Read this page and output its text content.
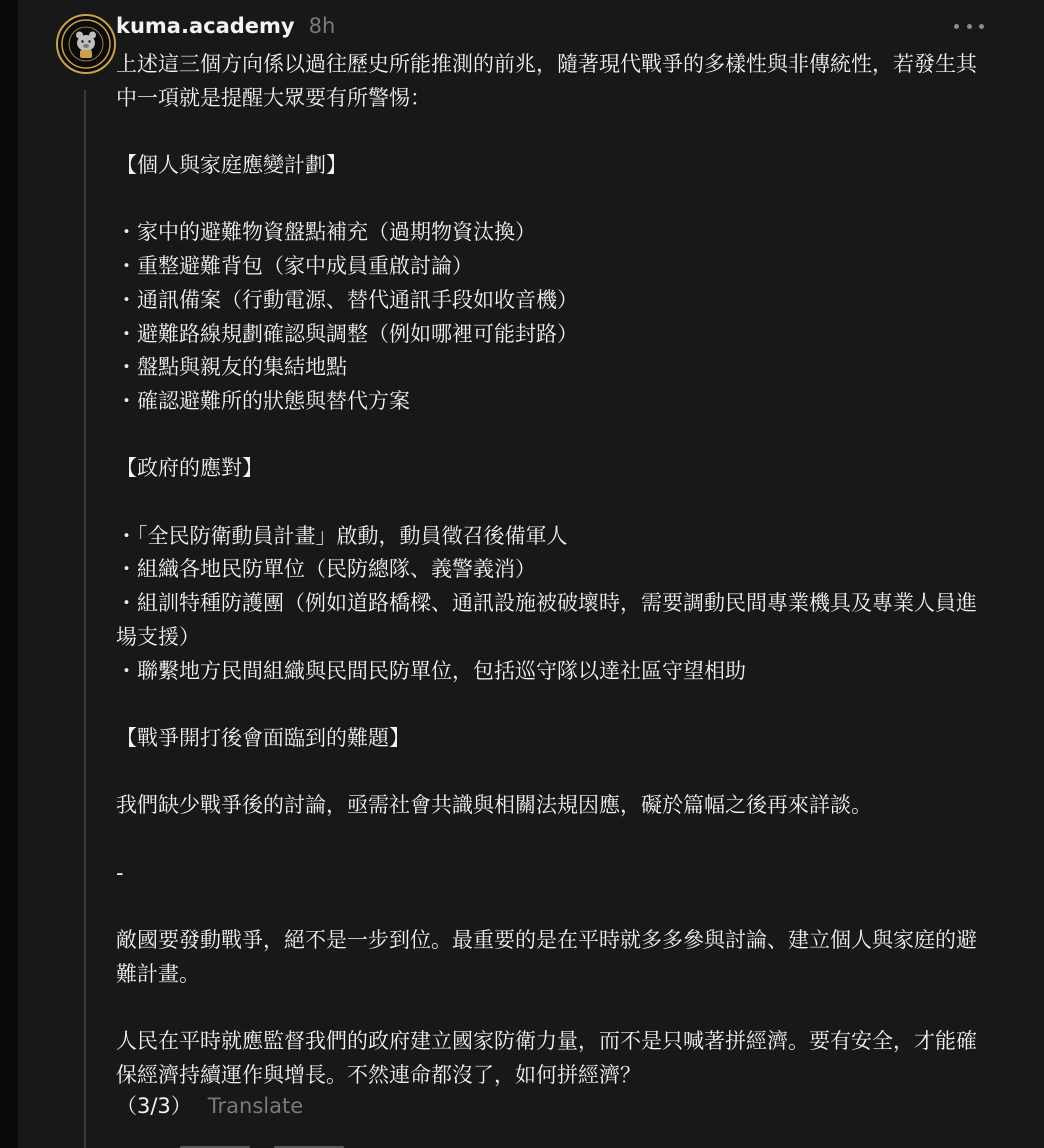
kuma.academy 8h
上述這三個方向係以過往歷史所能推測的前兆，隨著現代戰爭的多樣性與非傳統性，若發生其中一項就是提醒大眾要有所警惕：
【個人與家庭應變計劃】
・家中的避難物資盤點補充（過期物資汰換）
・重整避難背包（家中成員重啟討論）
・通訊備案（行動電源、替代通訊手段如收音機）
・避難路線規劃確認與調整（例如哪裡可能封路）
・盤點與親友的集結地點
・確認避難所的狀態與替代方案
【政府的應對】
・「全民防衛動員計畫」啟動，動員徵召後備軍人
・組織各地民防單位（民防總隊、義警義消）
・組訓特種防護團（例如道路橋樑、通訊設施被破壞時，需要調動民間專業機具及專業人員進場支援）
・聯繫地方民間組織與民間民防單位，包括巡守隊以達社區守望相助
【戰爭開打後會面臨到的難題】
我們缺少戰爭後的討論，亟需社會共識與相關法規因應，礙於篇幅之後再來詳談。
-
敵國要發動戰爭，絕不是一步到位。最重要的是在平時就多多參與討論、建立個人與家庭的避難計畫。
人民在平時就應監督我們的政府建立國家防衛力量，而不是只喊著拼經濟。要有安全，才能確保經濟持續運作與增長。不然連命都沒了，如何拼經濟？
（3/3） Translate
